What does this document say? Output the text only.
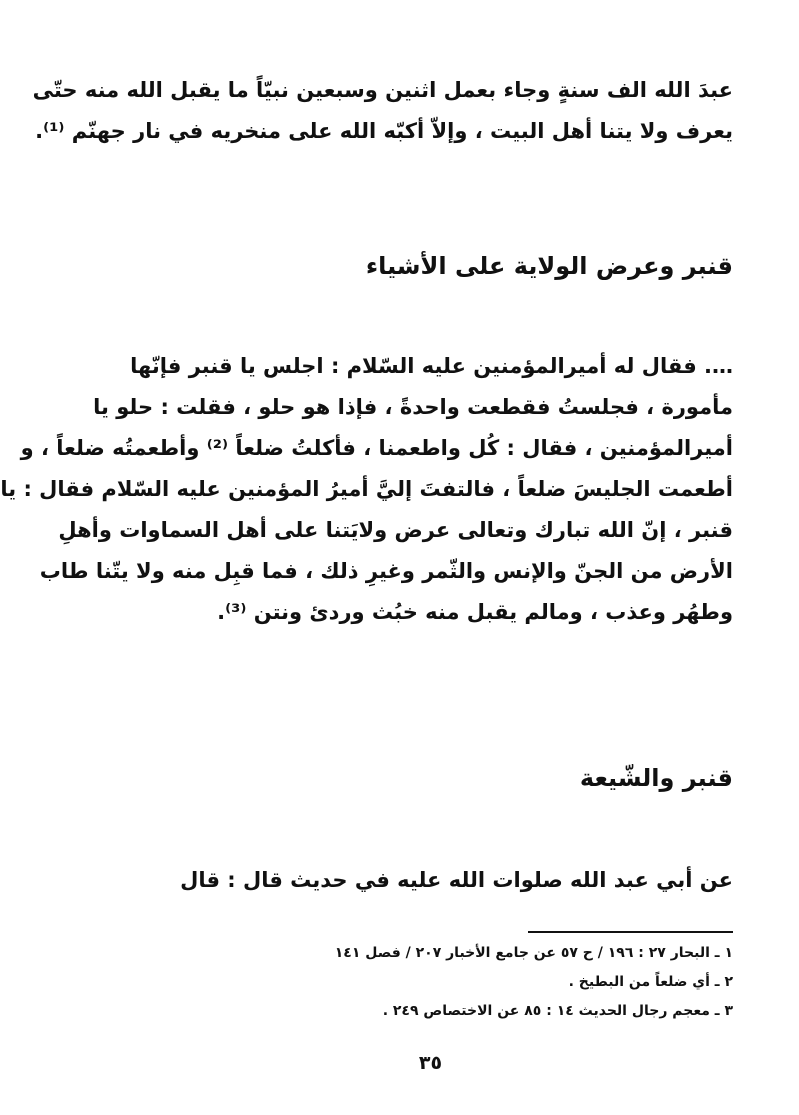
عبدَ الله الف سنةٍ وجاء بعمل اثنين وسبعين نبيّاً ما يقبل الله منه حتّى
يعرف ولا يتنا أهل البيت ، وإلاّ أكبّه الله على منخريه في نار جهنّم ⁽¹⁾.
قنبر وعرض الولاية على الأشياء
…. فقال له أميرالمؤمنين عليه السّلام : اجلس يا قنبر فإنّها
مأمورة ، فجلستُ فقطعت واحدةً ، فإذا هو حلو ، فقلت : حلو يا
أميرالمؤمنين ، فقال : كُل واطعمنا ، فأكلتُ ضلعاً ⁽²⁾ وأطعمتُه ضلعاً ، و
أطعمت الجليسَ ضلعاً ، فالتفتَ إليَّ أميرُ المؤمنين عليه السّلام فقال : يا
قنبر ، إنّ الله تبارك وتعالى عرض ولايَتنا على أهل السماوات وأهلِ
الأرض من الجنّ والإنس والثّمر وغيرِ ذلك ، فما قبِل منه ولا يتّنا طاب
وطهُر وعذب ، ومالم يقبل منه خبُث وردئ ونتن ⁽³⁾.
قنبر والشّيعة
عن أبي عبد الله صلوات الله عليه في حديث قال : قال
١ ـ البحار ٢٧ : ١٩٦ / ح ٥٧ عن جامع الأخبار ٢٠٧ / فصل ١٤١
٢ ـ أي ضلعاً من البطيخ .
٣ ـ معجم رجال الحديث ١٤ : ٨٥ عن الاختصاص ٢٤٩ .
٣٥
